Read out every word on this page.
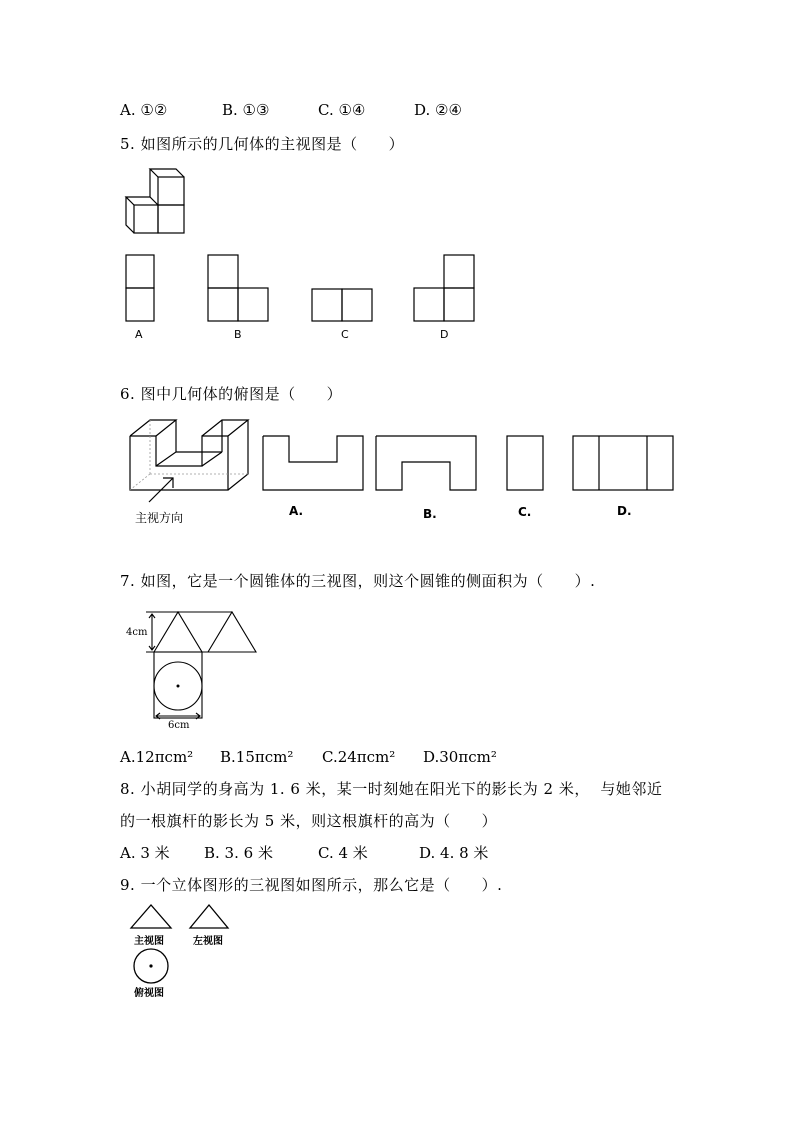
A. ①②	B. ①③	C. ①④	D. ②④
5. 如图所示的几何体的主视图是（　　）
A	B	C	D
6. 图中几何体的俯图是（　　）
主视方向	A.	B.	C.	D.
7. 如图，它是一个圆锥体的三视图，则这个圆锥的侧面积为（　　）.
4cm
6cm
A.12πcm² B.15πcm² C.24πcm² D.30πcm²
8. 小胡同学的身高为 1. 6 米，某一时刻她在阳光下的影长为 2 米，  与她邻近
的一根旗杆的影长为 5 米，则这根旗杆的高为（　　）
A. 3 米 B. 3. 6 米	C. 4 米	D. 4. 8 米
9. 一个立体图形的三视图如图所示，那么它是（　　）.
主视图	左视图
俯视图
